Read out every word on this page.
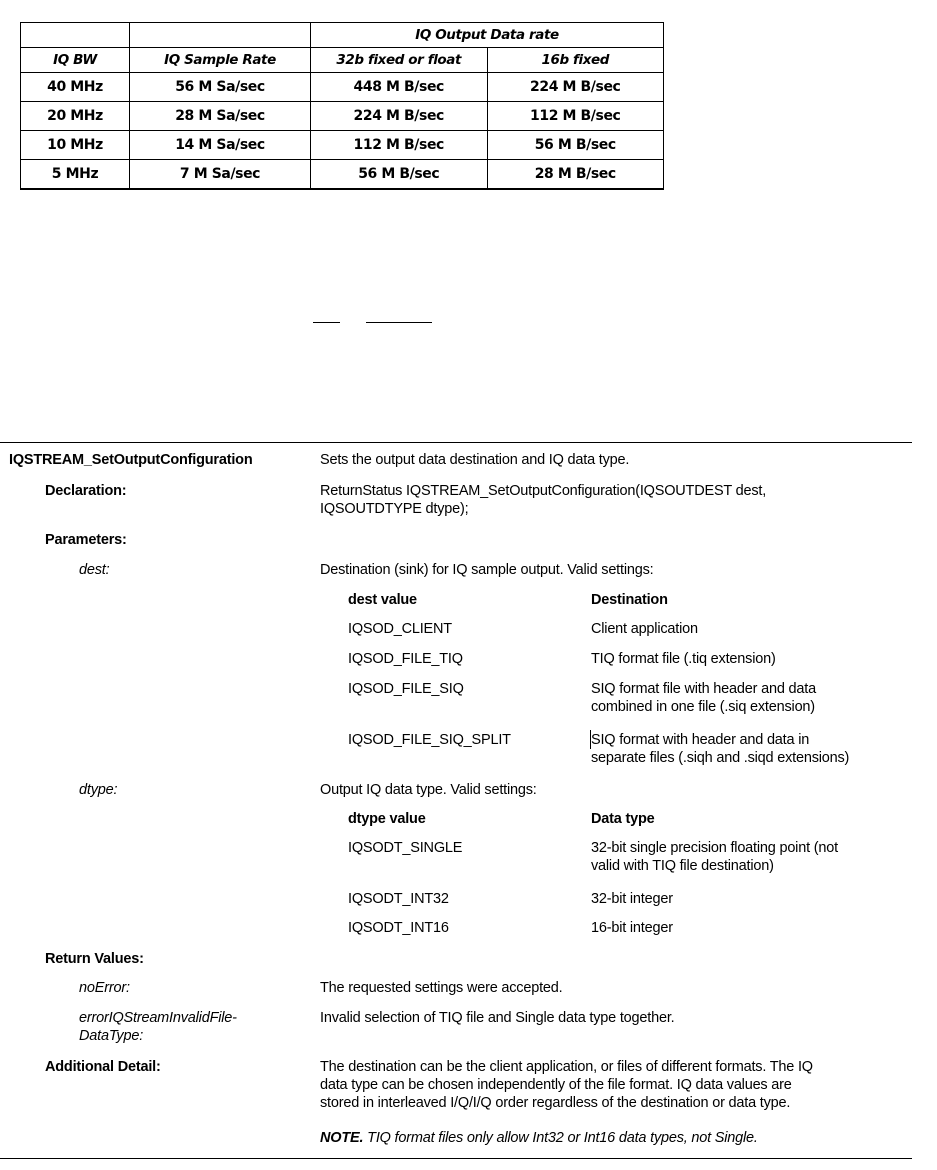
		IQ Output Data rate	
IQ BW	IQ Sample Rate	32b fixed or float	16b fixed
40 MHz	56 M Sa/sec	448 M B/sec	224 M B/sec
20 MHz	28 M Sa/sec	224 M B/sec	112 M B/sec
10 MHz	14 M Sa/sec	112 M B/sec	56 M B/sec
5 MHz	7 M Sa/sec	56 M B/sec	28 M B/sec
IQSTREAM_SetOutputConfiguration	Sets the output data destination and IQ data type.
Declaration:	ReturnStatus IQSTREAM_SetOutputConfiguration(IQSOUTDEST dest,
IQSOUTDTYPE dtype);
Parameters:
dest:	Destination (sink) for IQ sample output. Valid settings:
dest value	Destination
IQSOD_CLIENT	Client application
IQSOD_FILE_TIQ	TIQ format file (.tiq extension)
IQSOD_FILE_SIQ	SIQ format file with header and data
combined in one file (.siq extension)
IQSOD_FILE_SIQ_SPLIT	SIQ format with header and data in
separate files (.siqh and .siqd extensions)
dtype:	Output IQ data type. Valid settings:
dtype value	Data type
IQSODT_SINGLE	32-bit single precision floating point (not
valid with TIQ file destination)
IQSODT_INT32	32-bit integer
IQSODT_INT16	16-bit integer
Return Values:
noError:	The requested settings were accepted.
errorIQStreamInvalidFile-
DataType:
Invalid selection of TIQ file and Single data type together.
Additional Detail:	The destination can be the client application, or files of different formats. The IQ
data type can be chosen independently of the file format. IQ data values are
stored in interleaved I/Q/I/Q order regardless of the destination or data type.
NOTE. TIQ format files only allow Int32 or Int16 data types, not Single.
